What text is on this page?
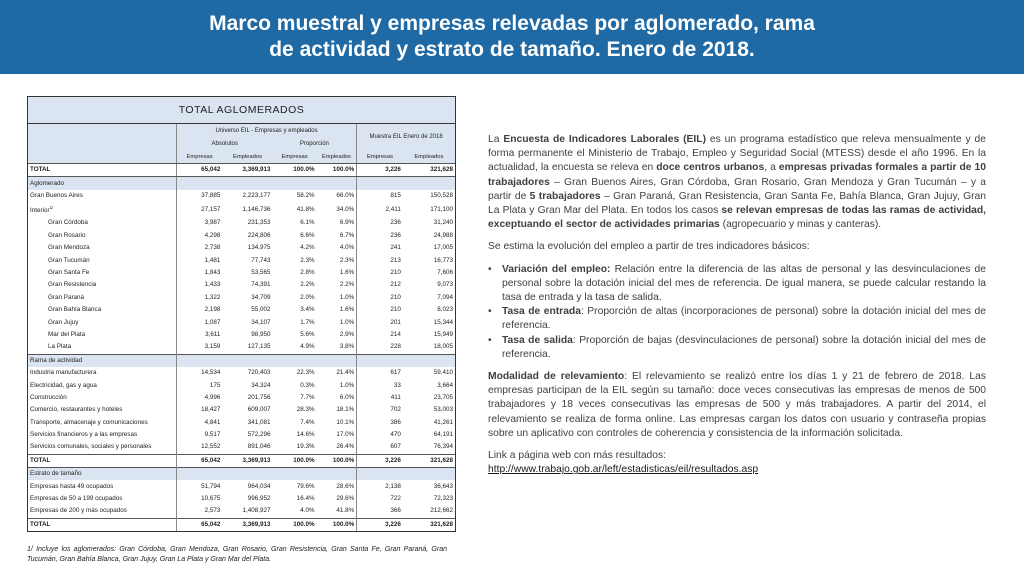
Marco muestral y empresas relevadas por aglomerado, rama
de actividad y estrato de tamaño. Enero de 2018.
TOTAL AGLOMERADOS
	Universo EIL - Empresas y empleados				Muestra EIL Enero de 2018	
	Absolutos		Proporción			
	Empresas	Empleados	Empresas	Empleados	Empresas	Empleados
TOTAL	65,042	3,369,913	100.0%	100.0%	3,226	321,628
Aglomerado						
Gran Buenos Aires	37,885	2,223,177	58.2%	66.0%	815	150,528
Interior$^{1/}$	27,157	1,146,736	41.8%	34.0%	2,411	171,100
Gran Córdoba	3,987	231,353	6.1%	6.9%	236	31,240
Gran Rosario	4,298	224,806	6.6%	6.7%	236	24,988
Gran Mendoza	2,738	134,975	4.2%	4.0%	241	17,005
Gran Tucumán	1,481	77,743	2.3%	2.3%	213	16,773
Gran Santa Fe	1,843	53,565	2.8%	1.6%	210	7,606
Gran Resistencia	1,433	74,391	2.2%	2.2%	212	9,073
Gran Paraná	1,322	34,709	2.0%	1.0%	210	7,094
Gran Bahía Blanca	2,198	55,002	3.4%	1.6%	210	8,023
Gran Jujuy	1,087	34,107	1.7%	1.0%	201	15,344
Mar del Plata	3,611	98,950	5.6%	2.9%	214	15,949
La Plata	3,159	127,135	4.9%	3.8%	228	18,005
Rama de actividad						
Industria manufacturera	14,534	720,403	22.3%	21.4%	617	59,410
Electricidad, gas y agua	175	34,324	0.3%	1.0%	33	3,664
Construcción	4,996	201,756	7.7%	6.0%	411	23,705
Comercio, restaurantes y hoteles	18,427	609,007	28.3%	18.1%	702	53,003
Transporte, almacenaje y comunicaciones	4,841	341,081	7.4%	10.1%	386	41,261
Servicios financieros y a las empresas	9,517	572,296	14.6%	17.0%	470	64,191
Servicios comunales, sociales y personales	12,552	891,046	19.3%	26.4%	607	76,394
TOTAL	65,042	3,369,913	100.0%	100.0%	3,226	321,628
Estrato de tamaño						
Empresas hasta 49 ocupados	51,794	964,034	79.6%	28.6%	2,138	36,643
Empresas de 50 a 199 ocupados	10,675	996,952	16.4%	29.6%	722	72,323
Empresas de 200 y más ocupados	2,573	1,408,927	4.0%	41.8%	366	212,662
TOTAL	65,042	3,369,913	100.0%	100.0%	3,226	321,628
1/ Incluye los aglomerados: Gran Córdoba, Gran Mendoza, Gran Rosario, Gran Resistencia, Gran Santa Fe, Gran Paraná, Gran Tucumán, Gran Bahía Blanca, Gran Jujuy, Gran La Plata y Gran Mar del Plata.

La Encuesta de Indicadores Laborales (EIL) es un programa estadístico que releva mensualmente y de forma permanente el Ministerio de Trabajo, Empleo y Seguridad Social (MTESS) desde el año 1996. En la actualidad, la encuesta se releva en doce centros urbanos, a empresas privadas formales a partir de 10 trabajadores – Gran Buenos Aires, Gran Córdoba, Gran Rosario, Gran Mendoza y Gran Tucumán – y a partir de 5 trabajadores – Gran Paraná, Gran Resistencia, Gran Santa Fe, Bahía Blanca, Gran Jujuy, Gran La Plata y Gran Mar del Plata. En todos los casos se relevan empresas de todas las ramas de actividad, exceptuando el sector de actividades primarias (agropecuario y minas y canteras).

Se estima la evolución del empleo a partir de tres indicadores básicos:

• Variación del empleo: Relación entre la diferencia de las altas de personal y las desvinculaciones de personal sobre la dotación inicial del mes de referencia. De igual manera, se puede calcular restando la tasa de entrada y la tasa de salida.
• Tasa de entrada: Proporción de altas (incorporaciones de personal) sobre la dotación inicial del mes de referencia.
• Tasa de salida: Proporción de bajas (desvinculaciones de personal) sobre la dotación inicial del mes de referencia.

Modalidad de relevamiento: El relevamiento se realizó entre los días 1 y 21 de febrero de 2018. Las empresas participan de la EIL según su tamaño: doce veces consecutivas las empresas de menos de 500 trabajadores y 18 veces consecutivas las empresas de 500 y más trabajadores. A partir del 2014, el relevamiento se realiza de forma online. Las empresas cargan los datos con usuario y contraseña propias sobre un aplicativo con controles de coherencia y consistencia de la información solicitada.

Link a página web con más resultados:

http://www.trabajo.gob.ar/left/estadisticas/eil/resultados.asp
